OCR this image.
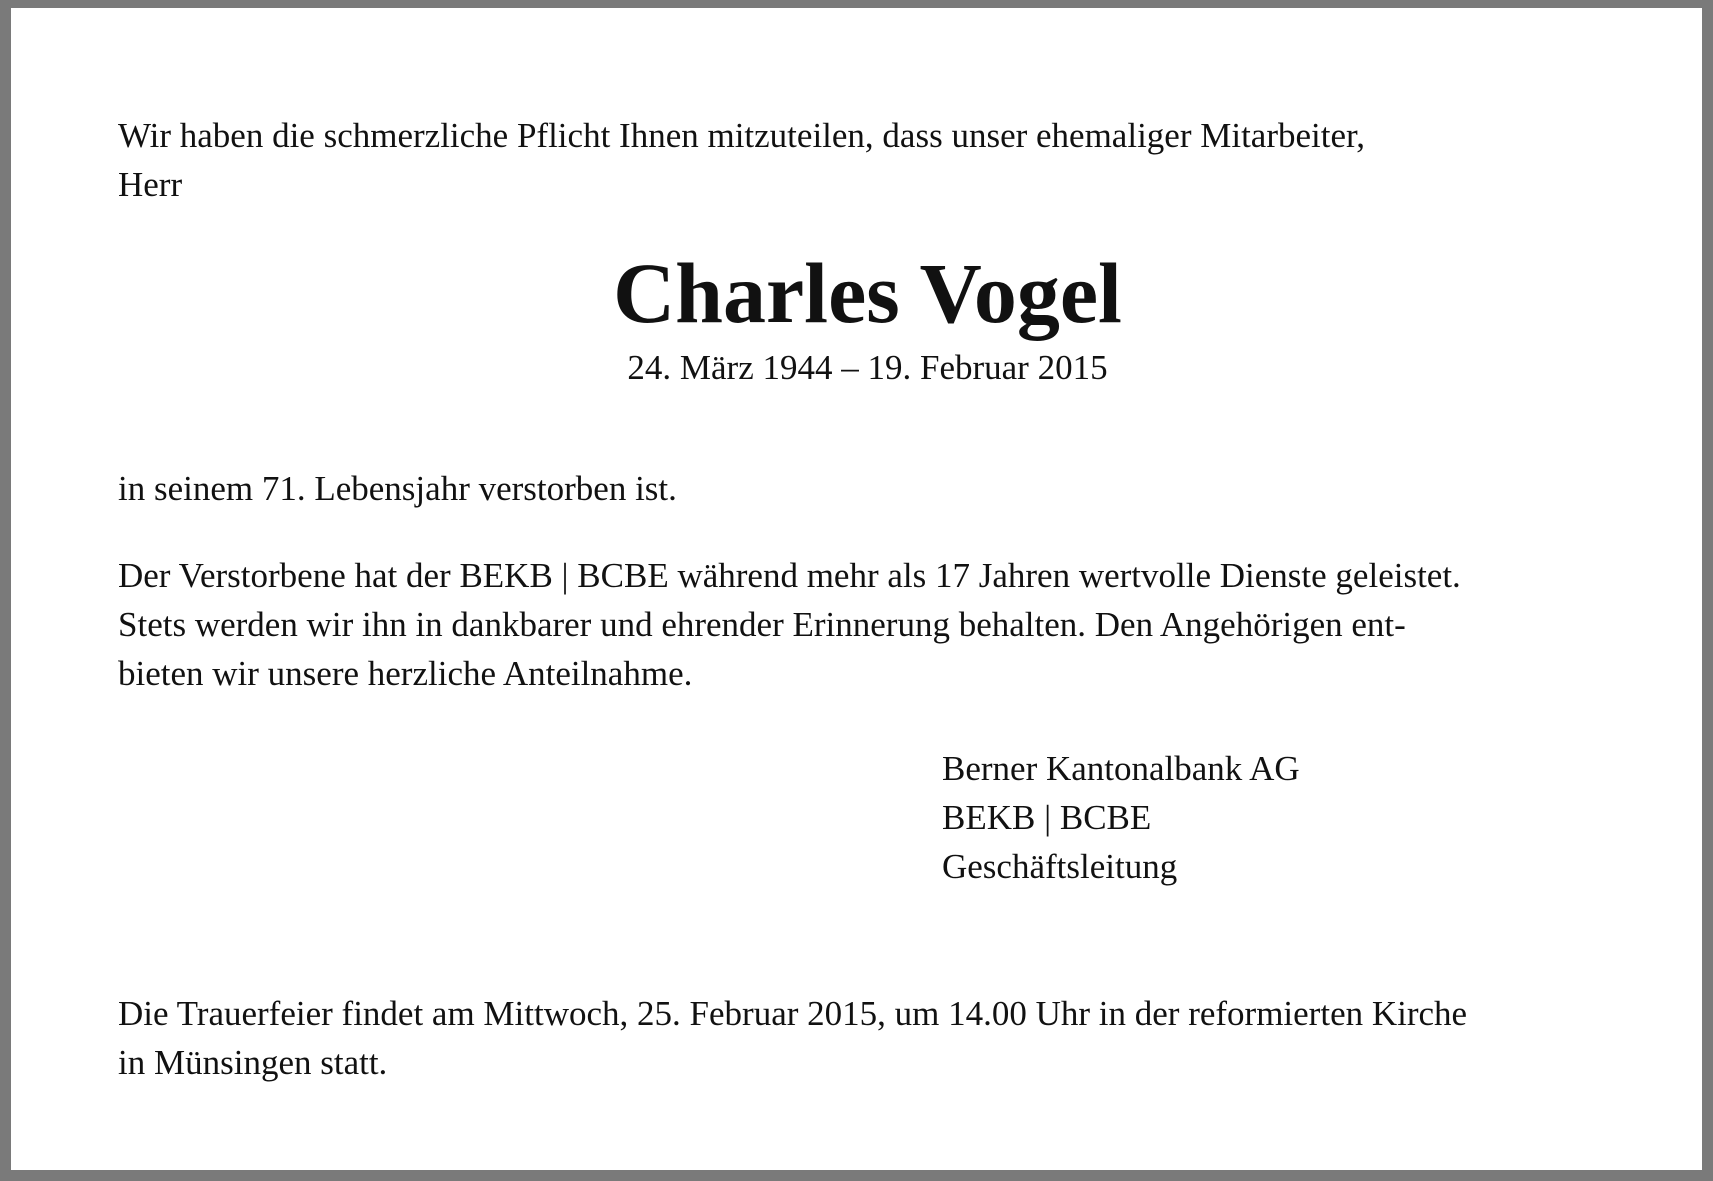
Wir haben die schmerzliche Pflicht Ihnen mitzuteilen, dass unser ehemaliger Mitarbeiter,
Herr

Charles Vogel
24. März 1944 – 19. Februar 2015

in seinem 71. Lebensjahr verstorben ist.

Der Verstorbene hat der BEKB | BCBE während mehr als 17 Jahren wertvolle Dienste geleistet.
Stets werden wir ihn in dankbarer und ehrender Erinnerung behalten. Den Angehörigen ent-
bieten wir unsere herzliche Anteilnahme.

Berner Kantonalbank AG
BEKB | BCBE
Geschäftsleitung

Die Trauerfeier findet am Mittwoch, 25. Februar 2015, um 14.00 Uhr in der reformierten Kirche
in Münsingen statt.
